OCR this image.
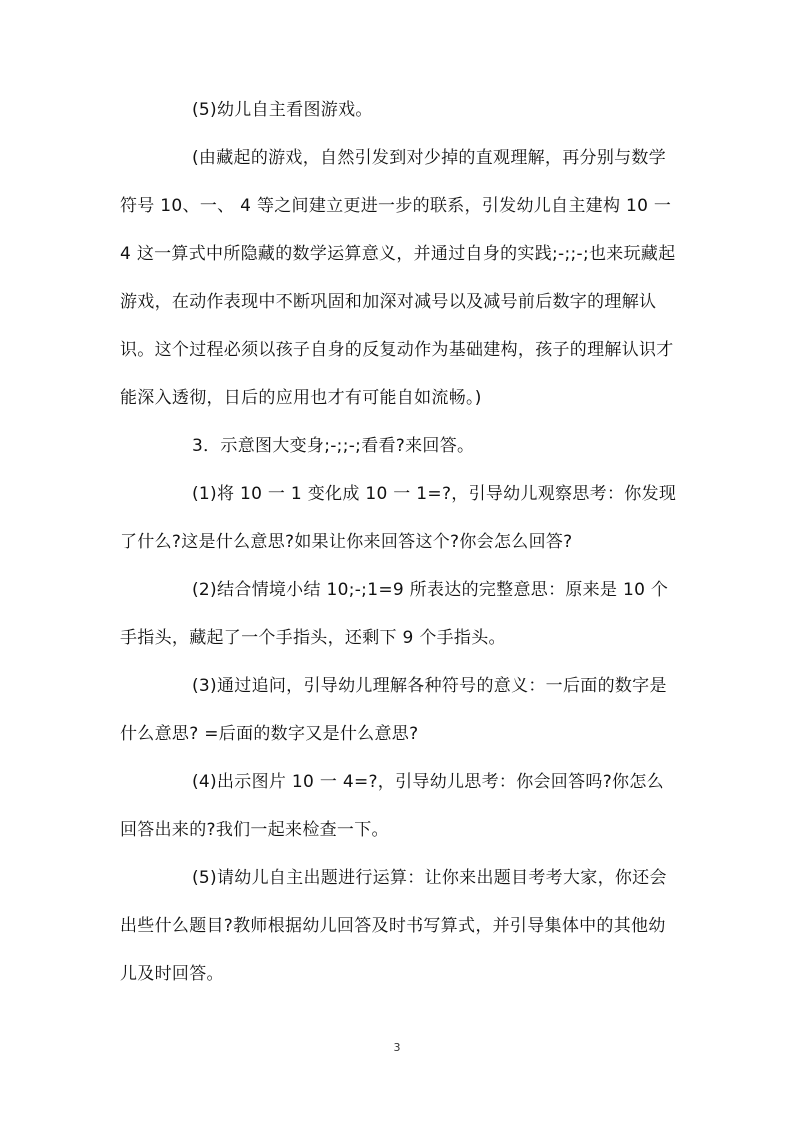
(5)幼儿自主看图游戏。

(由藏起的游戏，自然引发到对少掉的直观理解，再分别与数学符号 10、一、 4 等之间建立更进一步的联系，引发幼儿自主建构 10 一 4 这一算式中所隐藏的数学运算意义，并通过自身的实践;-;;-;也来玩藏起游戏，在动作表现中不断巩固和加深对减号以及减号前后数字的理解认识。这个过程必须以孩子自身的反复动作为基础建构，孩子的理解认识才能深入透彻，日后的应用也才有可能自如流畅。)

3．示意图大变身;-;;-;看看?来回答。

(1)将 10 一 1 变化成 10 一 1=?，引导幼儿观察思考：你发现了什么?这是什么意思?如果让你来回答这个?你会怎么回答?

(2)结合情境小结 10;-;1=9 所表达的完整意思：原来是 10 个手指头，藏起了一个手指头，还剩下 9 个手指头。

(3)通过追问，引导幼儿理解各种符号的意义：一后面的数字是什么意思? =后面的数字又是什么意思?

(4)出示图片 10 一 4=?，引导幼儿思考：你会回答吗?你怎么回答出来的?我们一起来检查一下。

(5)请幼儿自主出题进行运算：让你来出题目考考大家，你还会出些什么题目?教师根据幼儿回答及时书写算式，并引导集体中的其他幼儿及时回答。

3
